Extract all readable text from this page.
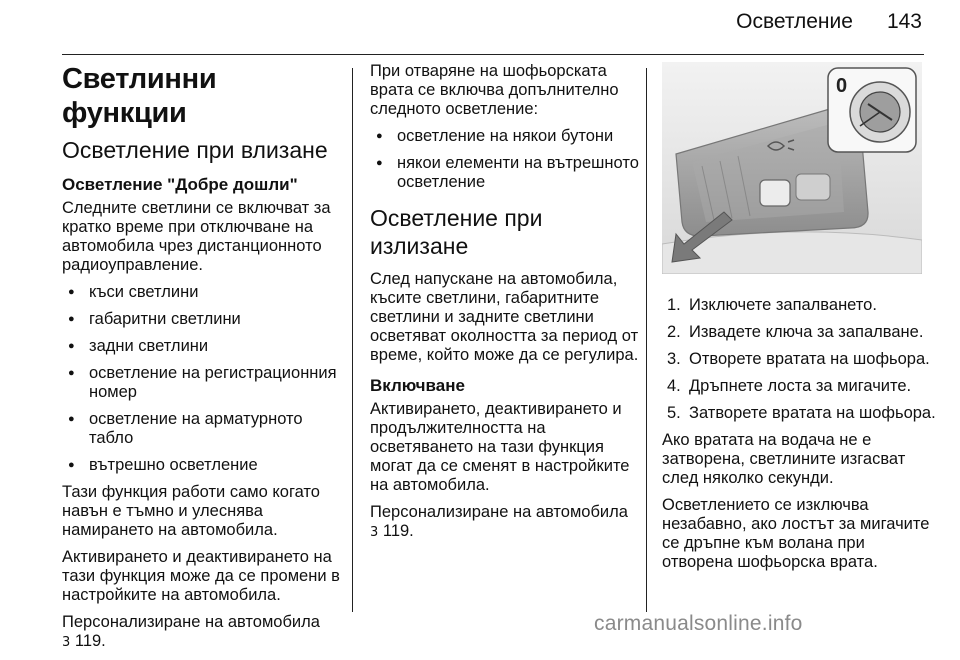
Осветление 143
Светлинни функции
Осветление при влизане
Осветление "Добре дошли"

Следните светлини се включват за кратко време при отключване на автомобила чрез дистанционното радиоуправление.

● къси светлини
● габаритни светлини
● задни светлини
● осветление на регистрационния номер
● осветление на арматурното табло
● вътрешно осветление

Тази функция работи само когато навън е тъмно и улеснява намирането на автомобила.

Активирането и деактивирането на тази функция може да се промени в настройките на автомобила.

Персонализиране на автомобила
3 119.

При отваряне на шофьорската врата се включва допълнително следното осветление:

● осветление на някои бутони
● някои елементи на вътрешното осветление
Осветление при излизане

След напускане на автомобила, късите светлини, габаритните светлини и задните светлини осветяват околността за период от време, който може да се регулира.

Включване

Активирането, деактивирането и продължителността на осветяването на тази функция могат да се сменят в настройките на автомобила.

Персонализиране на автомобила
3 119.

0
1. Изключете запалването.
2. Извадете ключа за запалване.
3. Отворете вратата на шофьора.
4. Дръпнете лоста за мигачите.
5. Затворете вратата на шофьора.

Ако вратата на водача не е затворена, светлините изгасват след няколко секунди.

Осветлението се изключва незабавно, ако лостът за мигачите се дръпне към волана при отворена шофьорска врата.

carmanualsonline.info
